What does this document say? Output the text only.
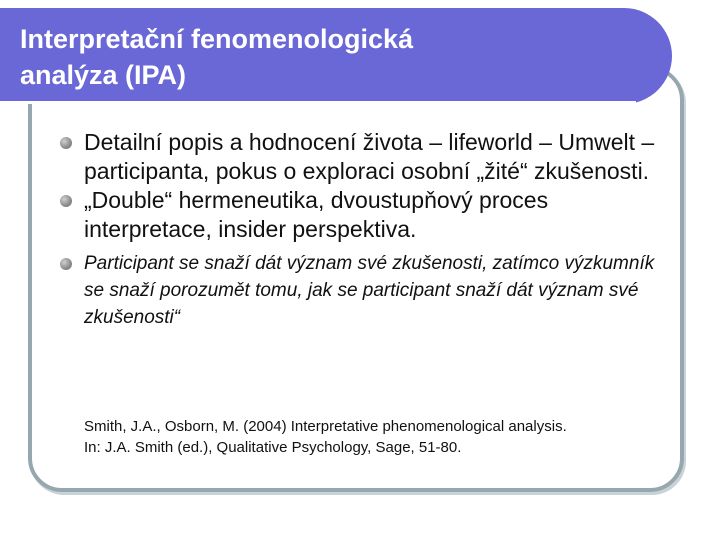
Interpretační fenomenologická
analýza (IPA)
Detailní popis a hodnocení života – lifeworld – Umwelt – participanta, pokus o exploraci osobní „žité“ zkušenosti.
„Double“ hermeneutika, dvoustupňový proces interpretace, insider perspektiva.
Participant se snaží dát význam své zkušenosti, zatímco výzkumník se snaží porozumět tomu, jak se participant snaží dát význam své zkušenosti“
Smith, J.A., Osborn, M. (2004) Interpretative phenomenological analysis.
In: J.A. Smith (ed.), Qualitative Psychology, Sage, 51-80.
